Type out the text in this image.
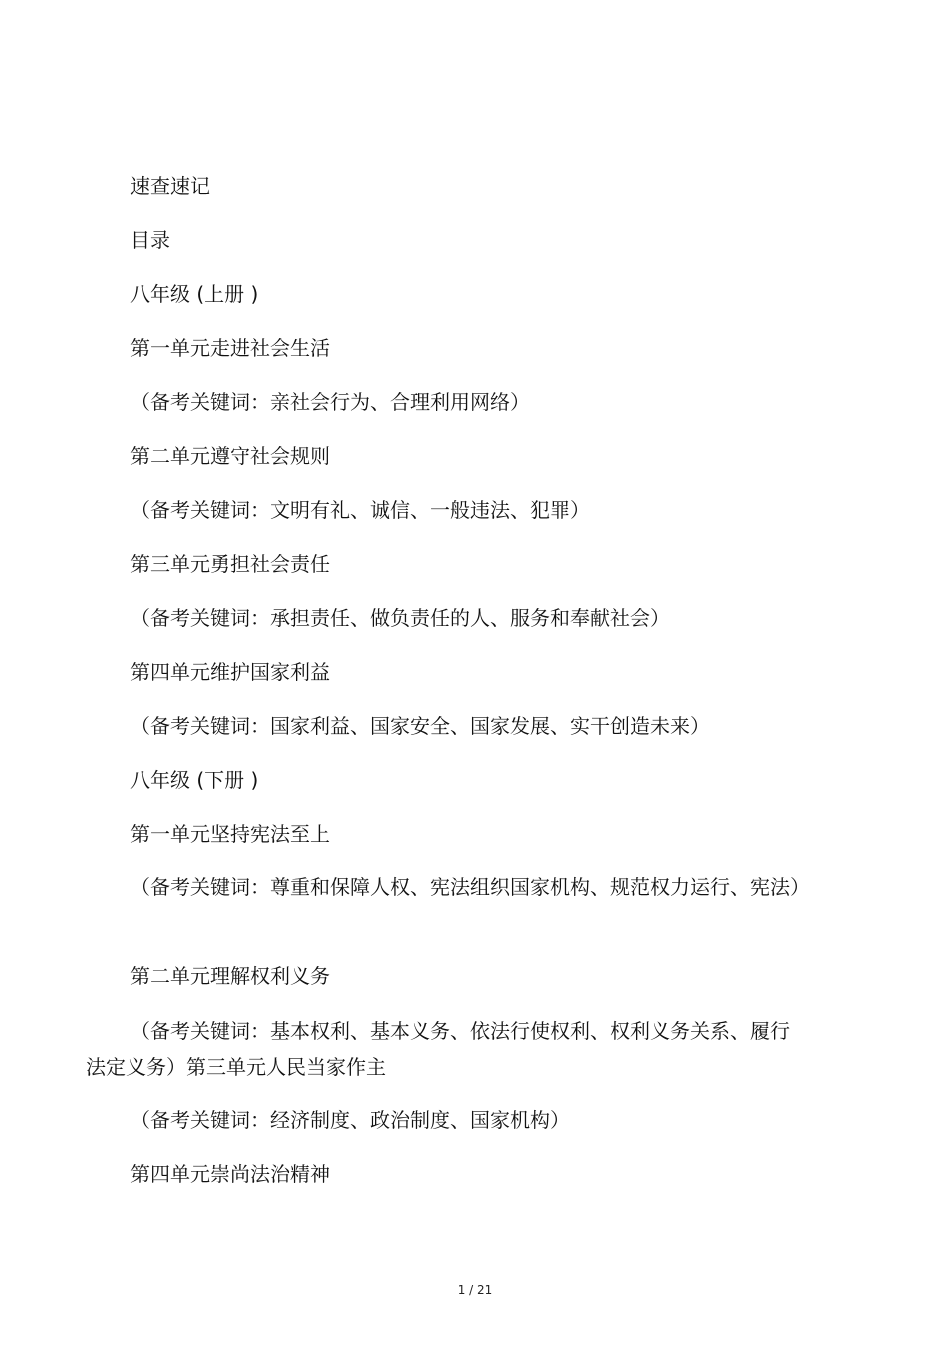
速查速记
目录
八年级 (上册 )
第一单元走进社会生活
（备考关键词：亲社会行为、合理利用网络）
第二单元遵守社会规则
（备考关键词：文明有礼、诚信、一般违法、犯罪）
第三单元勇担社会责任
（备考关键词：承担责任、做负责任的人、服务和奉献社会）
第四单元维护国家利益
（备考关键词：国家利益、国家安全、国家发展、实干创造未来）
八年级 (下册 )
第一单元坚持宪法至上
（备考关键词：尊重和保障人权、宪法组织国家机构、规范权力运行、宪法）
第二单元理解权利义务
（备考关键词：基本权利、基本义务、依法行使权利、权利义务关系、履行法定义务）第三单元人民当家作主
（备考关键词：经济制度、政治制度、国家机构）
第四单元崇尚法治精神
1 / 21
